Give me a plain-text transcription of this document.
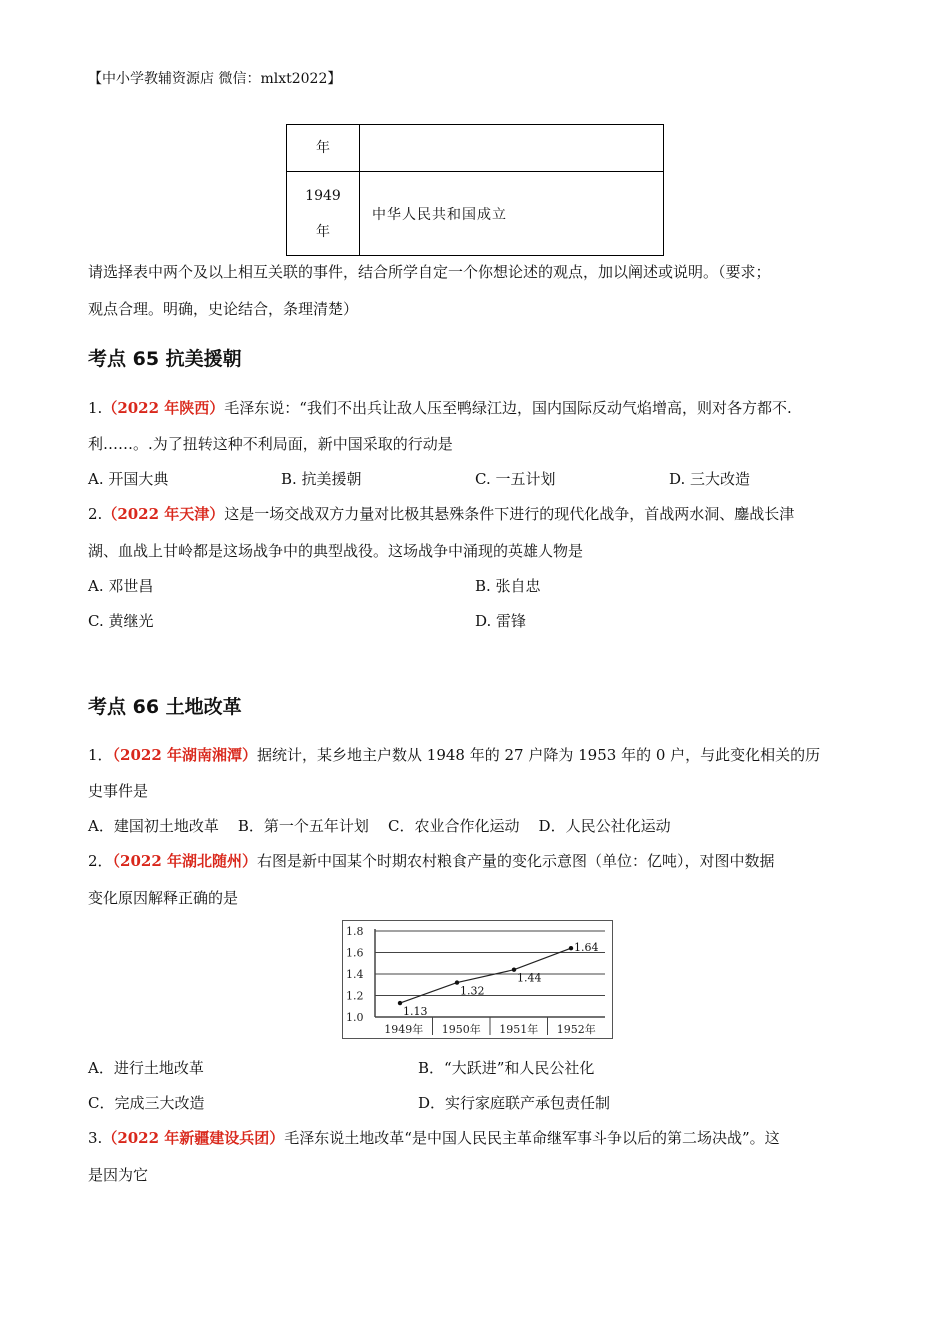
【中小学教辅资源店 微信：mlxt2022】
年	
1949
年	中华人民共和国成立
请选择表中两个及以上相互关联的事件，结合所学自定一个你想论述的观点，加以阐述或说明。（要求；
观点合理。明确，史论结合，条理清楚）
考点 65 抗美援朝
1.（2022 年陕西）毛泽东说：“我们不出兵让敌人压至鸭绿江边，国内国际反动气焰增高，则对各方都不.
利……。.为了扭转这种不利局面，新中国采取的行动是
A. 开国大典	B. 抗美援朝	C. 一五计划	D. 三大改造
2.（2022 年天津）这是一场交战双方力量对比极其悬殊条件下进行的现代化战争，首战两水洞、鏖战长津
湖、血战上甘岭都是这场战争中的典型战役。这场战争中涌现的英雄人物是
A. 邓世昌	B. 张自忠
C. 黄继光	D. 雷锋
考点 66 土地改革
1．（2022 年湖南湘潭）据统计，某乡地主户数从 1948 年的 27 户降为 1953 年的 0 户，与此变化相关的历
史事件是
A．建国初土地改革    B．第一个五年计划    C．农业合作化运动    D．人民公社化运动
2．（2022 年湖北随州）右图是新中国某个时期农村粮食产量的变化示意图（单位：亿吨），对图中数据
变化原因解释正确的是
1.0
1.2
1.4
1.6
1.8
1949年 1950年 1951年 1952年
1.13
1.32
1.44
1.64
A．进行土地改革	B．“大跃进”和人民公社化
C．完成三大改造	D．实行家庭联产承包责任制
3.（2022 年新疆建设兵团）毛泽东说土地改革“是中国人民民主革命继军事斗争以后的第二场决战”。这
是因为它
